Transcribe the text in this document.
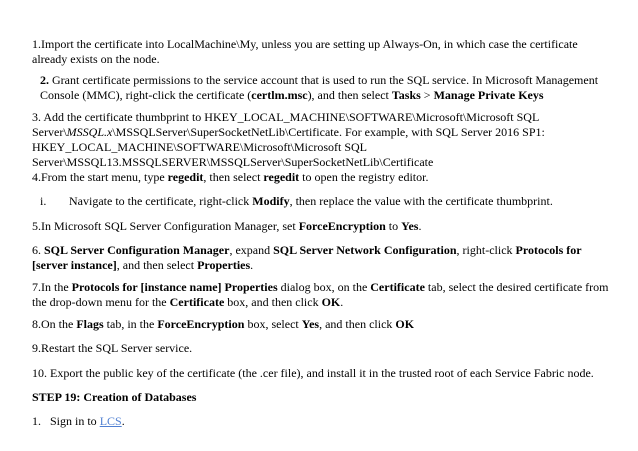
1.Import the certificate into LocalMachine\My, unless you are setting up Always-On, in which case the certificate already exists on the node.

2. Grant certificate permissions to the service account that is used to run the SQL service. In Microsoft Management Console (MMC), right-click the certificate (certlm.msc), and then select Tasks > Manage Private Keys

3. Add the certificate thumbprint to HKEY_LOCAL_MACHINE\SOFTWARE\Microsoft\Microsoft SQL Server\MSSQL.x\MSSQLServer\SuperSocketNetLib\Certificate. For example, with SQL Server 2016 SP1: HKEY_LOCAL_MACHINE\SOFTWARE\Microsoft\Microsoft SQL Server\MSSQL13.MSSQLSERVER\MSSQLServer\SuperSocketNetLib\Certificate

4.From the start menu, type regedit, then select regedit to open the registry editor.

i. Navigate to the certificate, right-click Modify, then replace the value with the certificate thumbprint.

5.In Microsoft SQL Server Configuration Manager, set ForceEncryption to Yes.

6. SQL Server Configuration Manager, expand SQL Server Network Configuration, right-click Protocols for [server instance], and then select Properties.

7.In the Protocols for [instance name] Properties dialog box, on the Certificate tab, select the desired certificate from the drop-down menu for the Certificate box, and then click OK.

8.On the Flags tab, in the ForceEncryption box, select Yes, and then click OK

9.Restart the SQL Server service.

10. Export the public key of the certificate (the .cer file), and install it in the trusted root of each Service Fabric node.

STEP 19: Creation of Databases

1. Sign in to LCS.
